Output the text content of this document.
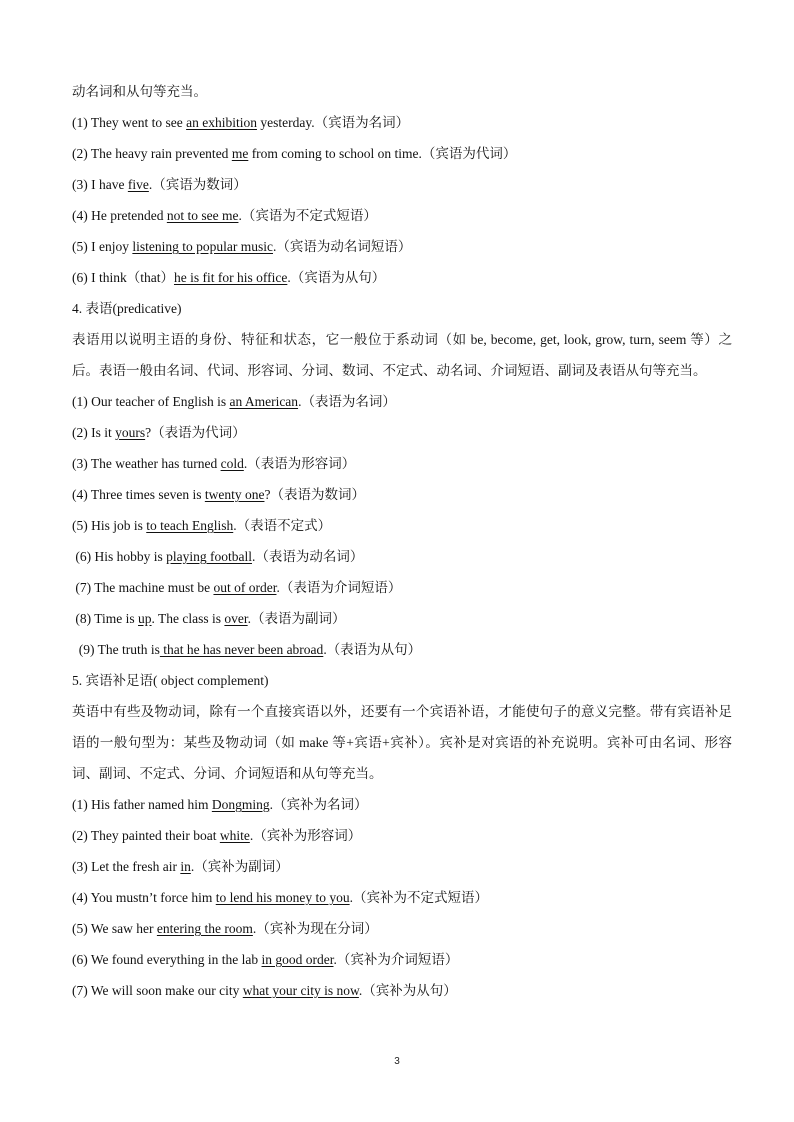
动名词和从句等充当。
(1) They went to see an exhibition yesterday.（宾语为名词）
(2) The heavy rain prevented me from coming to school on time.（宾语为代词）
(3) I have five.（宾语为数词）
(4) He pretended not to see me.（宾语为不定式短语）
(5) I enjoy listening to popular music.（宾语为动名词短语）
(6) I think（that）he is fit for his office.（宾语为从句）
4. 表语(predicative)
表语用以说明主语的身份、特征和状态，它一般位于系动词（如 be, become, get, look, grow, turn, seem 等）之后。表语一般由名词、代词、形容词、分词、数词、不定式、动名词、介词短语、副词及表语从句等充当。
(1) Our teacher of English is an American.（表语为名词）
(2) Is it yours?（表语为代词）
(3) The weather has turned cold.（表语为形容词）
(4) Three times seven is twenty one?（表语为数词）
(5) His job is to teach English.（表语不定式）
(6) His hobby is playing football.（表语为动名词）
(7) The machine must be out of order.（表语为介词短语）
(8) Time is up. The class is over.（表语为副词）
(9) The truth is that he has never been abroad.（表语为从句）
5. 宾语补足语( object complement)
英语中有些及物动词，除有一个直接宾语以外，还要有一个宾语补语，才能使句子的意义完整。带有宾语补足语的一般句型为：某些及物动词（如 make 等+宾语+宾补）。宾补是对宾语的补充说明。宾补可由名词、形容词、副词、不定式、分词、介词短语和从句等充当。
(1) His father named him Dongming.（宾补为名词）
(2) They painted their boat white.（宾补为形容词）
(3) Let the fresh air in.（宾补为副词）
(4) You mustn’t force him to lend his money to you.（宾补为不定式短语）
(5) We saw her entering the room.（宾补为现在分词）
(6) We found everything in the lab in good order.（宾补为介词短语）
(7) We will soon make our city what your city is now.（宾补为从句）
3
